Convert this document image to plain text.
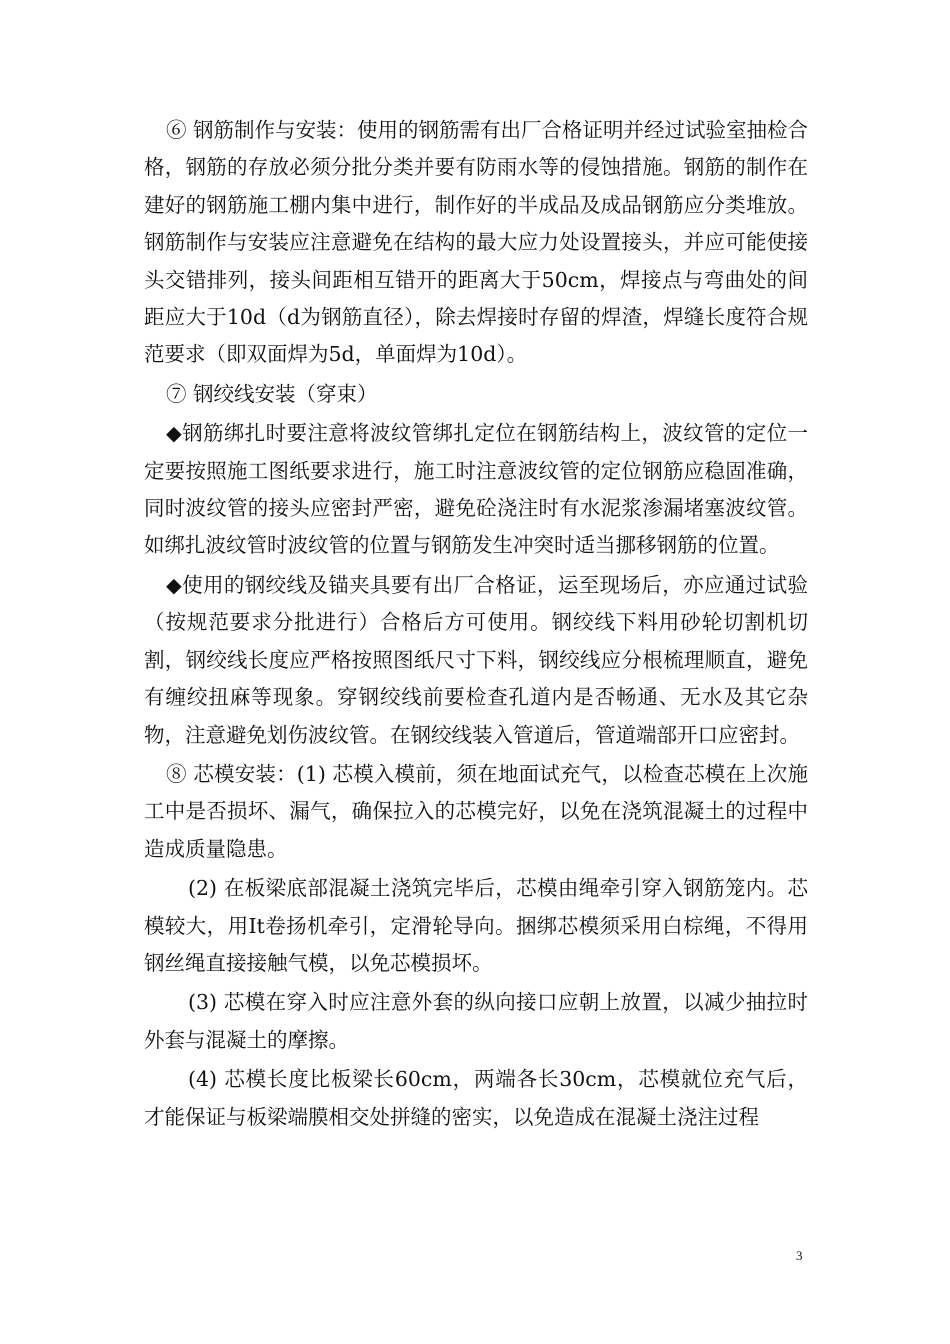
⑥ 钢筋制作与安装：使用的钢筋需有出厂合格证明并经过试验室抽检合格，钢筋的存放必须分批分类并要有防雨水等的侵蚀措施。钢筋的制作在建好的钢筋施工棚内集中进行，制作好的半成品及成品钢筋应分类堆放。钢筋制作与安装应注意避免在结构的最大应力处设置接头，并应可能使接头交错排列，接头间距相互错开的距离大于50cm，焊接点与弯曲处的间距应大于10d（d为钢筋直径），除去焊接时存留的焊渣，焊缝长度符合规范要求（即双面焊为5d，单面焊为10d）。

⑦ 钢绞线安装（穿束）

◆钢筋绑扎时要注意将波纹管绑扎定位在钢筋结构上，波纹管的定位一定要按照施工图纸要求进行，施工时注意波纹管的定位钢筋应稳固准确，同时波纹管的接头应密封严密，避免砼浇注时有水泥浆渗漏堵塞波纹管。如绑扎波纹管时波纹管的位置与钢筋发生冲突时适当挪移钢筋的位置。

◆使用的钢绞线及锚夹具要有出厂合格证，运至现场后，亦应通过试验（按规范要求分批进行）合格后方可使用。钢绞线下料用砂轮切割机切割，钢绞线长度应严格按照图纸尺寸下料，钢绞线应分根梳理顺直，避免有缠绞扭麻等现象。穿钢绞线前要检查孔道内是否畅通、无水及其它杂物，注意避免划伤波纹管。在钢绞线装入管道后，管道端部开口应密封。

⑧ 芯模安装：(1) 芯模入模前，须在地面试充气，以检查芯模在上次施工中是否损坏、漏气，确保拉入的芯模完好，以免在浇筑混凝土的过程中造成质量隐患。

(2) 在板梁底部混凝土浇筑完毕后，芯模由绳牵引穿入钢筋笼内。芯模较大，用It卷扬机牵引，定滑轮导向。捆绑芯模须采用白棕绳，不得用钢丝绳直接接触气模，以免芯模损坏。

(3) 芯模在穿入时应注意外套的纵向接口应朝上放置，以减少抽拉时外套与混凝土的摩擦。

(4) 芯模长度比板梁长60cm，两端各长30cm，芯模就位充气后，才能保证与板梁端膜相交处拼缝的密实，以免造成在混凝土浇注过程

3
